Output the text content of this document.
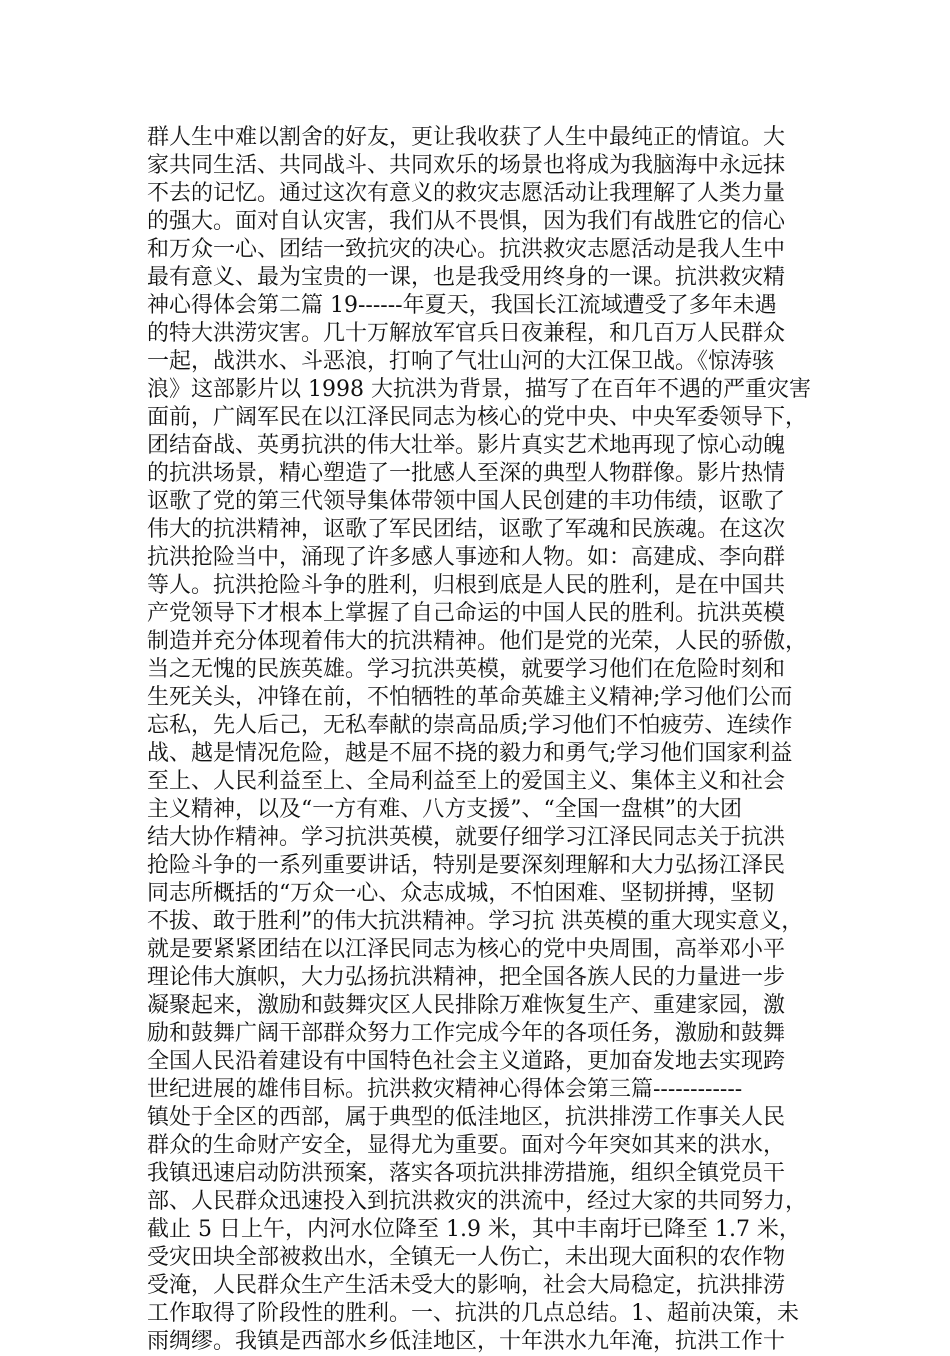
群人生中难以割舍的好友，更让我收获了人生中最纯正的情谊。大
家共同生活、共同战斗、共同欢乐的场景也将成为我脑海中永远抹
不去的记忆。通过这次有意义的救灾志愿活动让我理解了人类力量
的强大。面对自认灾害，我们从不畏惧，因为我们有战胜它的信心
和万众一心、团结一致抗灾的决心。抗洪救灾志愿活动是我人生中
最有意义、最为宝贵的一课，也是我受用终身的一课。抗洪救灾精
神心得体会第二篇 19------年夏天，我国长江流域遭受了多年未遇
的特大洪涝灾害。几十万解放军官兵日夜兼程，和几百万人民群众
一起，战洪水、斗恶浪，打响了气壮山河的大江保卫战。《惊涛骇
浪》这部影片以 1998 大抗洪为背景，描写了在百年不遇的严重灾害
面前，广阔军民在以江泽民同志为核心的党中央、中央军委领导下，
团结奋战、英勇抗洪的伟大壮举。影片真实艺术地再现了惊心动魄
的抗洪场景，精心塑造了一批感人至深的典型人物群像。影片热情
讴歌了党的第三代领导集体带领中国人民创建的丰功伟绩，讴歌了
伟大的抗洪精神，讴歌了军民团结，讴歌了军魂和民族魂。在这次
抗洪抢险当中，涌现了许多感人事迹和人物。如：高建成、李向群
等人。抗洪抢险斗争的胜利，归根到底是人民的胜利，是在中国共
产党领导下才根本上掌握了自己命运的中国人民的胜利。抗洪英模
制造并充分体现着伟大的抗洪精神。他们是党的光荣，人民的骄傲，
当之无愧的民族英雄。学习抗洪英模，就要学习他们在危险时刻和
生死关头，冲锋在前，不怕牺牲的革命英雄主义精神;学习他们公而
忘私，先人后己，无私奉献的崇高品质;学习他们不怕疲劳、连续作
战、越是情况危险，越是不屈不挠的毅力和勇气;学习他们国家利益
至上、人民利益至上、全局利益至上的爱国主义、集体主义和社会
主义精神，以及“一方有难、八方支援”、“全国一盘棋”的大团
结大协作精神。学习抗洪英模，就要仔细学习江泽民同志关于抗洪
抢险斗争的一系列重要讲话，特别是要深刻理解和大力弘扬江泽民
同志所概括的“万众一心、众志成城，不怕困难、坚韧拼搏，坚韧
不拔、敢于胜利”的伟大抗洪精神。学习抗 洪英模的重大现实意义，
就是要紧紧团结在以江泽民同志为核心的党中央周围，高举邓小平
理论伟大旗帜，大力弘扬抗洪精神，把全国各族人民的力量进一步
凝聚起来，激励和鼓舞灾区人民排除万难恢复生产、重建家园，激
励和鼓舞广阔干部群众努力工作完成今年的各项任务，激励和鼓舞
全国人民沿着建设有中国特色社会主义道路，更加奋发地去实现跨
世纪进展的雄伟目标。抗洪救灾精神心得体会第三篇------------
镇处于全区的西部，属于典型的低洼地区，抗洪排涝工作事关人民
群众的生命财产安全，显得尤为重要。面对今年突如其来的洪水，
我镇迅速启动防洪预案，落实各项抗洪排涝措施，组织全镇党员干
部、人民群众迅速投入到抗洪救灾的洪流中，经过大家的共同努力，
截止 5 日上午，内河水位降至 1.9 米，其中丰南圩已降至 1.7 米，
受灾田块全部被救出水，全镇无一人伤亡，未出现大面积的农作物
受淹，人民群众生产生活未受大的影响，社会大局稳定，抗洪排涝
工作取得了阶段性的胜利。一、抗洪的几点总结。1、超前决策，未
雨绸缪。我镇是西部水乡低洼地区，十年洪水九年淹，抗洪工作十
